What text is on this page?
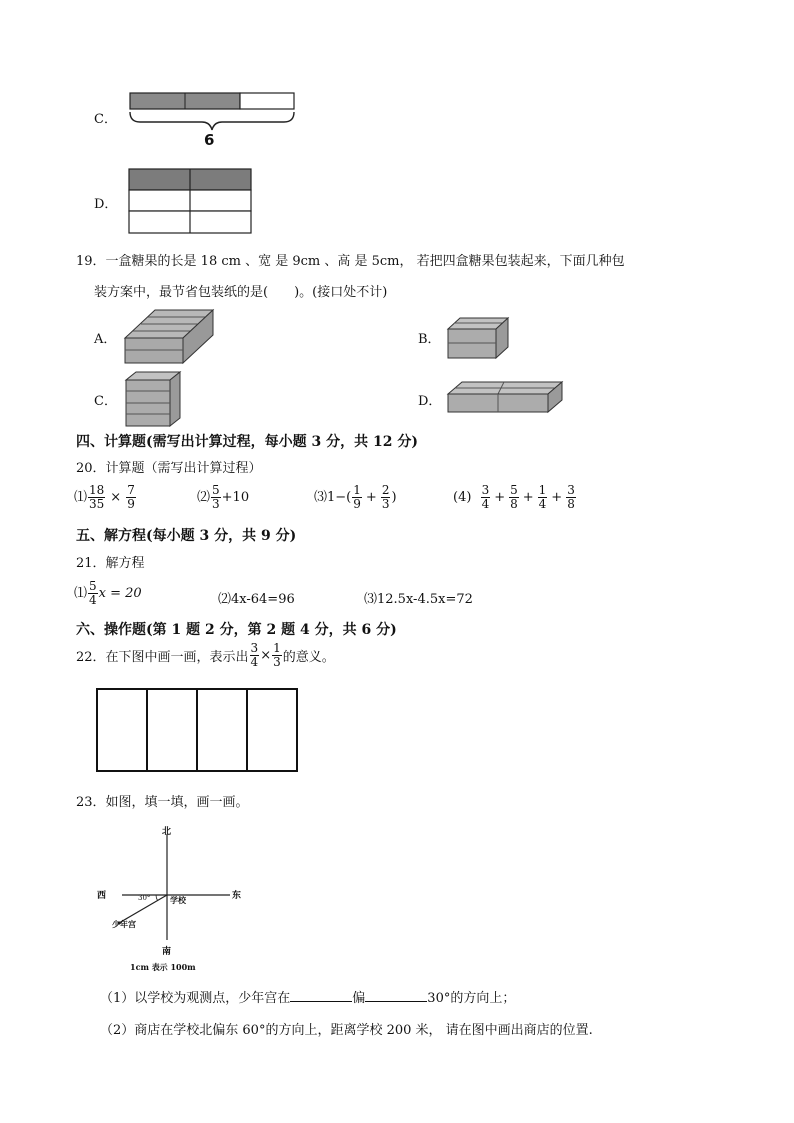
C．
6
D．
19．一盒糖果的长是 18 cm 、宽 是 9cm 、高 是 5cm， 若把四盒糖果包装起来，下面几种包
装方案中，最节省包装纸的是( )。(接口处不计)
A．	B．
C．	D．
四、计算题(需写出计算过程，每小题 3 分，共 12 分)
20．计算题（需写出计算过程）
⑴ $\frac{18}{35} \times \frac{7}{9}$	⑵ $\frac{5}{3} +10$	⑶1−( $\frac{1}{9} + \frac{2}{3}$ )	$(4) \frac{3}{4} + \frac{5}{8} + \frac{1}{4} + \frac{3}{8}$
五、解方程(每小题 3 分，共 9 分)
21．解方程
⑴ $\frac{5}{4}$ x = 20	⑵4x-64=96	⑶12.5x-4.5x=72
六、操作题(第 1 题 2 分，第 2 题 4 分，共 6 分)
22．在下图中画一画，表示出 $\frac{3}{4} \times \frac{1}{3}$ 的意义。
23．如图，填一填，画一画。
北
南
西	东
30° 学校
少年宫
1cm 表示 100m
（1）以学校为观测点，少年宫在	偏	30°的方向上；
（2）商店在学校北偏东 60°的方向上，距离学校 200 米， 请在图中画出商店的位置.
